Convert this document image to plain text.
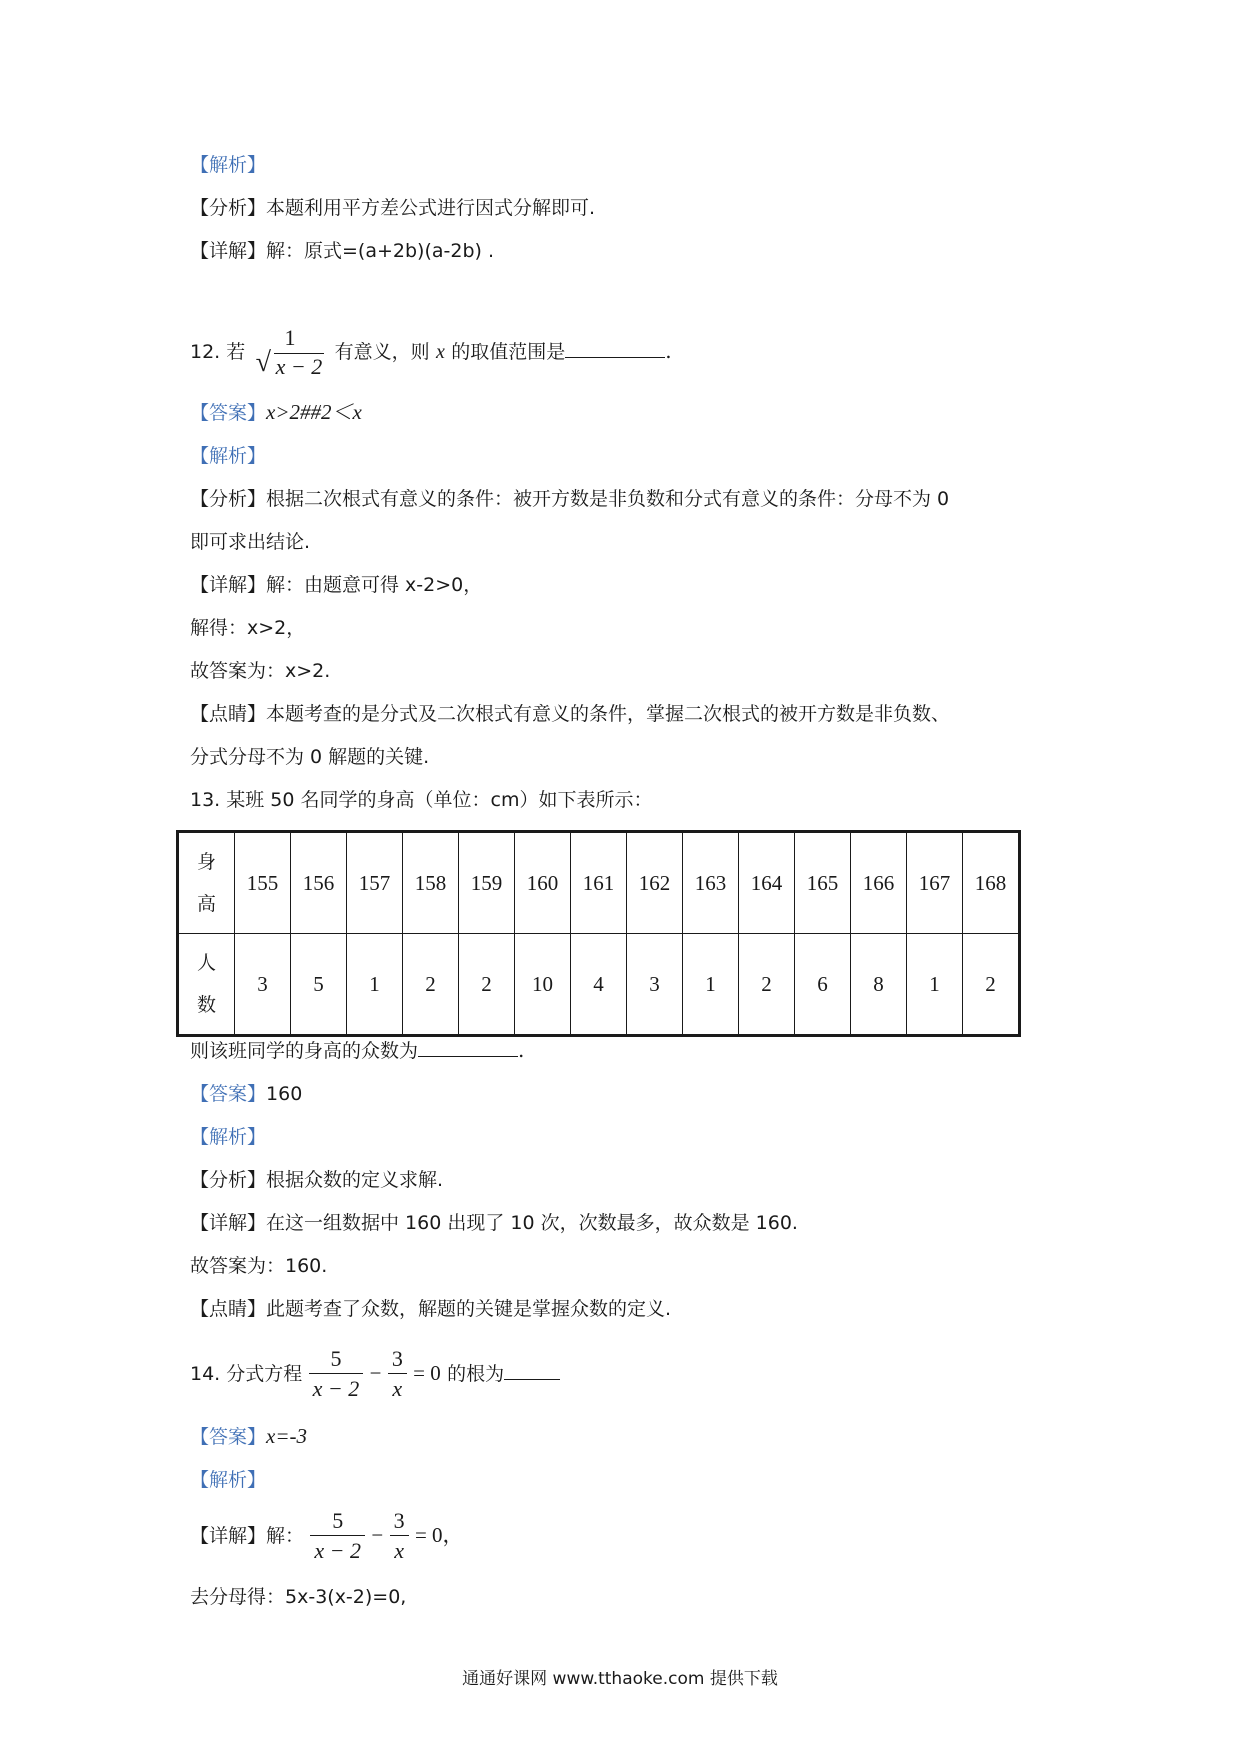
【解析】
【分析】本题利用平方差公式进行因式分解即可.
【详解】解：原式=(a+2b)(a-2b) .
12. 若
1
√ x − 2
有意义，则 x 的取值范围是	.
【答案】x>2##2＜x
【解析】
【分析】根据二次根式有意义的条件：被开方数是非负数和分式有意义的条件：分母不为 0
即可求出结论.
【详解】解：由题意可得 x-2>0，
解得：x>2，
故答案为：x>2.
【点睛】本题考查的是分式及二次根式有意义的条件，掌握二次根式的被开方数是非负数、
分式分母不为 0 解题的关键.
13. 某班 50 名同学的身高（单位：cm）如下表所示：
身高	155	156	157	158	159	160	161	162	163	164	165	166	167	168
人数	3	5	1	2	2	10	4	3	1	2	6	8	1	2
则该班同学的身高的众数为	.
【答案】160
【解析】
【分析】根据众数的定义求解.
【详解】在这一组数据中 160 出现了 10 次，次数最多，故众数是 160.
故答案为：160.
【点睛】此题考查了众数，解题的关键是掌握众数的定义.
14. 分式方程 $\frac{5}{x - 2} - \frac{3}{x} = 0$ 的根为
【答案】x=-3
【解析】
【详解】解： $\frac{5}{x - 2} - \frac{3}{x} = 0$，
去分母得：5x-3(x-2)=0,
通通好课网 www.tthaoke.com 提供下载
